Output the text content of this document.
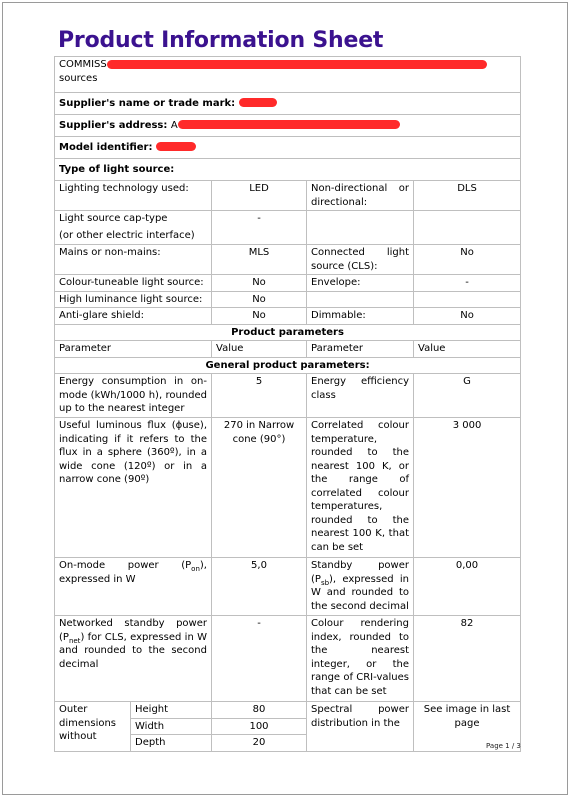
Product Information Sheet
COMMISS
sources				

Supplier's name or trade mark:				
Supplier's address: A				
Model identifier:				
Type of light source:				
Lighting technology used:		LED	Non-directional or directional:	DLS

Light source cap-type
(or other electric interface)		-		
Mains or non-mains:		MLS	Connected light source (CLS):	No
Colour-tuneable light source:		No	Envelope:	-
High luminance light source:		No		
Anti-glare shield:		No	Dimmable:	No
Product parameters				
Parameter		Value	Parameter	Value
General product parameters:				
Energy consumption in on-mode (kWh/1000 h), rounded up to the nearest integer		5	Energy efficiency class	G
Useful luminous flux (ϕuse), indicating if it refers to the flux in a sphere (360º), in a wide cone (120º) or in a narrow cone (90º)		270 in Narrow cone (90°)	Correlated colour temperature, rounded to the nearest 100 K, or the range of correlated colour temperatures, rounded to the nearest 100 K, that can be set	3 000
On-mode power $(P_{on})$, expressed in W		5,0	Standby power $(P_{sb})$, expressed in W and rounded to the second decimal	0,00
Networked standby power $(P_{net})$ for CLS, expressed in W and rounded to the second decimal		-	Colour rendering index, rounded to the nearest integer, or the range of CRI-values that can be set	82
Outer dimensions without	Height	80	Spectral power distribution in the	See image in last page
	Width	100		
	Depth	20			Page 1 / 3
